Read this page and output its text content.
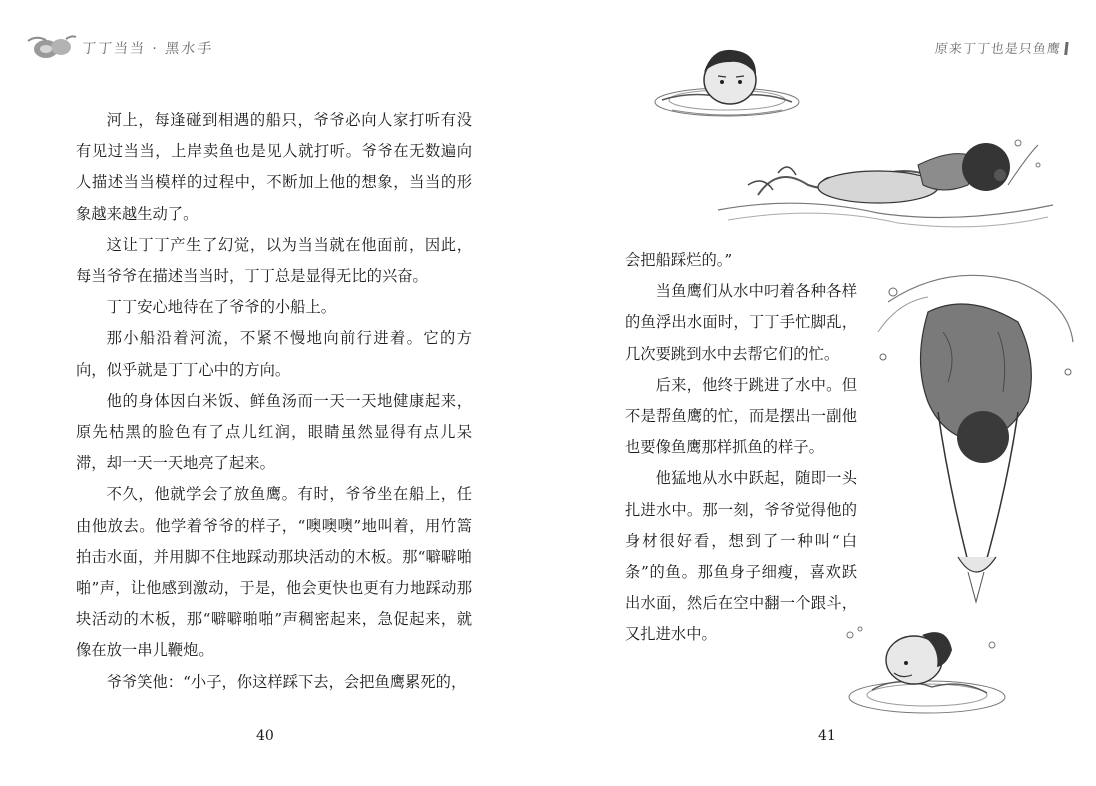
丁丁当当 · 黑水手	原来丁丁也是只鱼鹰

河上，每逢碰到相遇的船只，爷爷必向人家打听有没有见过当当，上岸卖鱼也是见人就打听。爷爷在无数遍向人描述当当模样的过程中，不断加上他的想象，当当的形象越来越生动了。

这让丁丁产生了幻觉，以为当当就在他面前，因此，每当爷爷在描述当当时，丁丁总是显得无比的兴奋。

丁丁安心地待在了爷爷的小船上。

那小船沿着河流，不紧不慢地向前行进着。它的方向，似乎就是丁丁心中的方向。

他的身体因白米饭、鲜鱼汤而一天一天地健康起来，原先枯黑的脸色有了点儿红润，眼睛虽然显得有点儿呆滞，却一天一天地亮了起来。

不久，他就学会了放鱼鹰。有时，爷爷坐在船上，任由他放去。他学着爷爷的样子，“噢噢噢”地叫着，用竹篙拍击水面，并用脚不住地踩动那块活动的木板。那“噼噼啪啪”声，让他感到激动，于是，他会更快也更有力地踩动那块活动的木板，那“噼噼啪啪”声稠密起来，急促起来，就像在放一串儿鞭炮。

爷爷笑他：“小子，你这样踩下去，会把鱼鹰累死的，

会把船踩烂的。”

当鱼鹰们从水中叼着各种各样的鱼浮出水面时，丁丁手忙脚乱，几次要跳到水中去帮它们的忙。

后来，他终于跳进了水中。但不是帮鱼鹰的忙，而是摆出一副他也要像鱼鹰那样抓鱼的样子。

他猛地从水中跃起，随即一头扎进水中。那一刻，爷爷觉得他的身材很好看，想到了一种叫“白条”的鱼。那鱼身子细瘦，喜欢跃出水面，然后在空中翻一个跟斗，又扎进水中。

40	41
